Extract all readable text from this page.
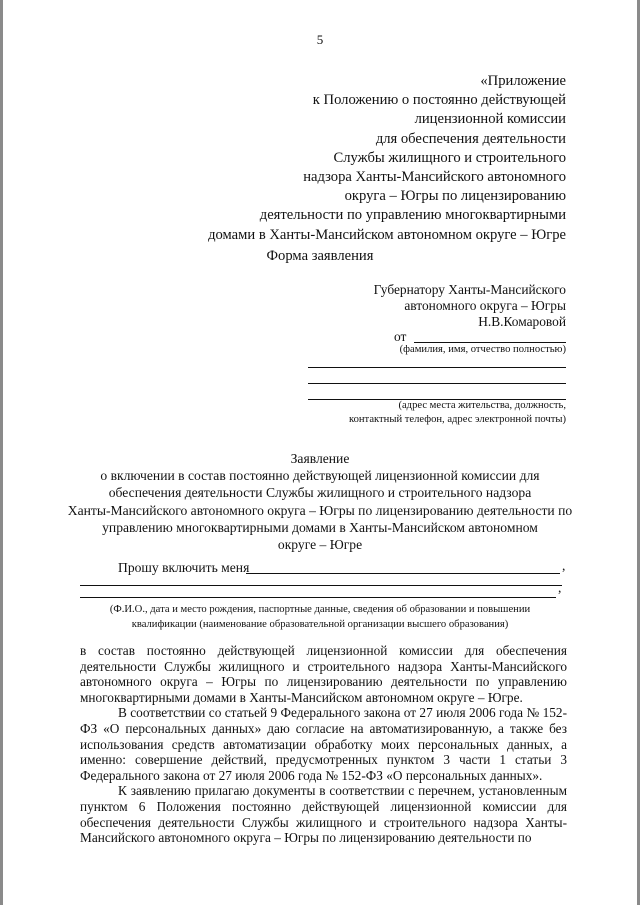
5
«Приложение
к Положению о постоянно действующей
лицензионной комиссии
для обеспечения деятельности
Службы жилищного и строительного
надзора Ханты-Мансийского автономного
округа – Югры по лицензированию
деятельности по управлению многоквартирными
домами в Ханты-Мансийском автономном округе – Югре
Форма заявления
Губернатору Ханты-Мансийского
автономного округа – Югры
Н.В.Комаровой
от
(фамилия, имя, отчество полностью)
(адрес места жительства, должность,
контактный телефон, адрес электронной почты)
Заявление
о включении в состав постоянно действующей лицензионной комиссии для
обеспечения деятельности Службы жилищного и строительного надзора
Ханты-Мансийского автономного округа – Югры по лицензированию деятельности по
управлению многоквартирными домами в Ханты-Мансийском автономном
округе – Югре
Прошу включить меня	,
,
(Ф.И.О., дата и место рождения, паспортные данные, сведения об образовании и повышении
квалификации (наименование образовательной организации высшего образования)

в состав постоянно действующей лицензионной комиссии для обеспечения деятельности Службы жилищного и строительного надзора Ханты-Мансийского автономного округа – Югры по лицензированию деятельности по управлению многоквартирными домами в Ханты-Мансийском автономном округе – Югре.

В соответствии со статьей 9 Федерального закона от 27 июля 2006 года № 152-ФЗ «О персональных данных» даю согласие на автоматизированную, а также без использования средств автоматизации обработку моих персональных данных, а именно: совершение действий, предусмотренных пунктом 3 части 1 статьи 3 Федерального закона от 27 июля 2006 года № 152-ФЗ «О персональных данных».

К заявлению прилагаю документы в соответствии с перечнем, установленным пунктом 6 Положения постоянно действующей лицензионной комиссии для обеспечения деятельности Службы жилищного и строительного надзора Ханты-Мансийского автономного округа – Югры по лицензированию деятельности по
